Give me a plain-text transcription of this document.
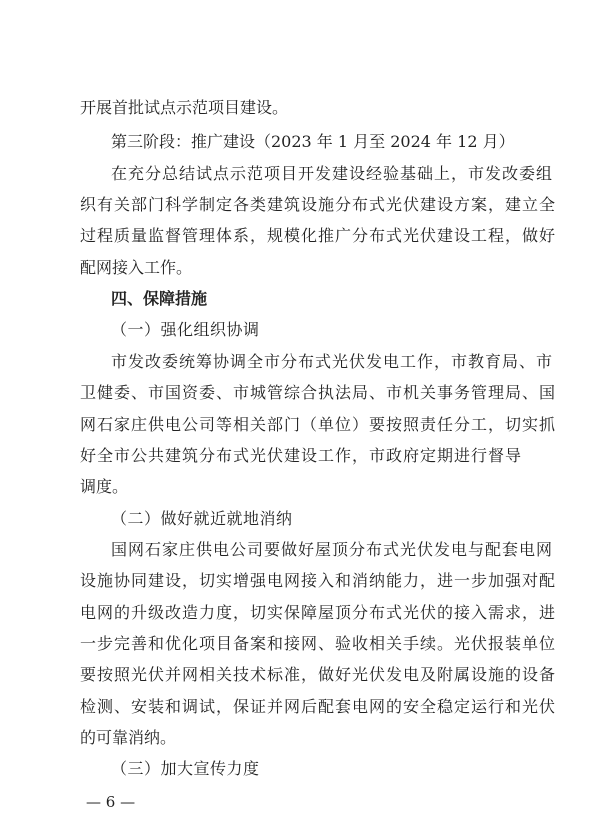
开展首批试点示范项目建设。

第三阶段：推广建设（2023 年 1 月至 2024 年 12 月）

在充分总结试点示范项目开发建设经验基础上，市发改委组

织有关部门科学制定各类建筑设施分布式光伏建设方案，建立全

过程质量监督管理体系，规模化推广分布式光伏建设工程，做好

配网接入工作。

四、保障措施

（一）强化组织协调

市发改委统筹协调全市分布式光伏发电工作，市教育局、市

卫健委、市国资委、市城管综合执法局、市机关事务管理局、国

网石家庄供电公司等相关部门（单位）要按照责任分工，切实抓

好全市公共建筑分布式光伏建设工作，市政府定期进行督导

调度。

（二）做好就近就地消纳

国网石家庄供电公司要做好屋顶分布式光伏发电与配套电网

设施协同建设，切实增强电网接入和消纳能力，进一步加强对配

电网的升级改造力度，切实保障屋顶分布式光伏的接入需求，进

一步完善和优化项目备案和接网、验收相关手续。光伏报装单位

要按照光伏并网相关技术标准，做好光伏发电及附属设施的设备

检测、安装和调试，保证并网后配套电网的安全稳定运行和光伏

的可靠消纳。

（三）加大宣传力度

— 6 —
